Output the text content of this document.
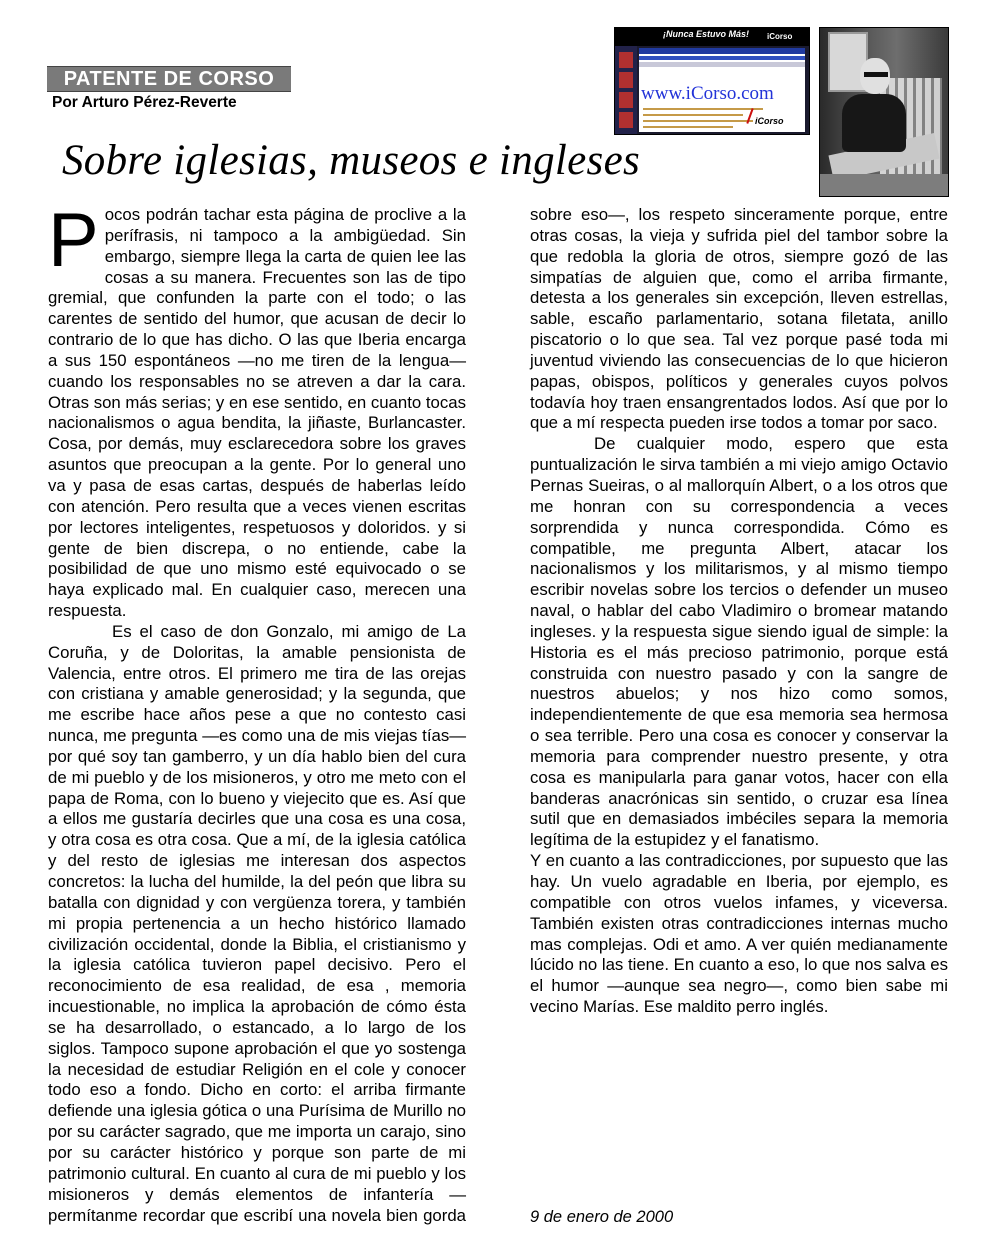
PATENTE DE CORSO
Por Arturo Pérez-Reverte
Sobre iglesias, museos e ingleses
¡Nunca Estuvo Más! iCorso
www.iCorso.com
iCorso

Pocos podrán tachar esta página de proclive a la perífrasis, ni tampoco a la ambigüedad. Sin embargo, siempre llega la carta de quien lee las cosas a su manera. Frecuentes son las de tipo gremial, que confunden la parte con el todo; o las carentes de sentido del humor, que acusan de decir lo contrario de lo que has dicho. O las que Iberia encarga a sus 150 espontáneos —no me tiren de la lengua— cuando los responsables no se atreven a dar la cara. Otras son más serias; y en ese sentido, en cuanto tocas nacionalismos o agua bendita, la jiñaste, Burlancaster. Cosa, por demás, muy esclarecedora sobre los graves asuntos que preocupan a la gente. Por lo general uno va y pasa de esas cartas, después de haberlas leído con atención. Pero resulta que a veces vienen escritas por lectores inteligentes, respetuosos y doloridos. y si gente de bien discrepa, o no entiende, cabe la posibilidad de que uno mismo esté equivocado o se haya explicado mal. En cualquier caso, merecen una respuesta.

Es el caso de don Gonzalo, mi amigo de La Coruña, y de Doloritas, la amable pensionista de Valencia, entre otros. El primero me tira de las orejas con cristiana y amable generosidad; y la segunda, que me escribe hace años pese a que no contesto casi nunca, me pregunta —es como una de mis viejas tías— por qué soy tan gamberro, y un día hablo bien del cura de mi pueblo y de los misioneros, y otro me meto con el papa de Roma, con lo bueno y viejecito que es. Así que a ellos me gustaría decirles que una cosa es una cosa, y otra cosa es otra cosa. Que a mí, de la iglesia católica y del resto de iglesias me interesan dos aspectos concretos: la lucha del humilde, la del peón que libra su batalla con dignidad y con vergüenza torera, y también mi propia pertenencia a un hecho histórico llamado civilización occidental, donde la Biblia, el cristianismo y la iglesia católica tuvieron papel decisivo. Pero el reconocimiento de esa realidad, de esa , memoria incuestionable, no implica la aprobación de cómo ésta se ha desarrollado, o estancado, a lo largo de los siglos. Tampoco supone aprobación el que yo sostenga la necesidad de estudiar Religión en el cole y conocer todo eso a fondo. Dicho en corto: el arriba firmante defiende una iglesia gótica o una Purísima de Murillo no por su carácter sagrado, que me importa un carajo, sino por su carácter histórico y porque son parte de mi patrimonio cultural. En cuanto al cura de mi pueblo y los misioneros y demás elementos de infantería —permítanme recordar que escribí una novela bien gorda

sobre eso—, los respeto sinceramente porque, entre otras cosas, la vieja y sufrida piel del tambor sobre la que redobla la gloria de otros, siempre gozó de las simpatías de alguien que, como el arriba firmante, detesta a los generales sin excepción, lleven estrellas, sable, escaño parlamentario, sotana filetata, anillo piscatorio o lo que sea. Tal vez porque pasé toda mi juventud viviendo las consecuencias de lo que hicieron papas, obispos, políticos y generales cuyos polvos todavía hoy traen ensangrentados lodos. Así que por lo que a mí respecta pueden irse todos a tomar por saco.

De cualquier modo, espero que esta puntualización le sirva también a mi viejo amigo Octavio Pernas Sueiras, o al mallorquín Albert, o a los otros que me honran con su correspondencia a veces sorprendida y nunca correspondida. Cómo es compatible, me pregunta Albert, atacar los nacionalismos y los militarismos, y al mismo tiempo escribir novelas sobre los tercios o defender un museo naval, o hablar del cabo Vladimiro o bromear matando ingleses. y la respuesta sigue siendo igual de simple: la Historia es el más precioso patrimonio, porque está construida con nuestro pasado y con la sangre de nuestros abuelos; y nos hizo como somos, independientemente de que esa memoria sea hermosa o sea terrible. Pero una cosa es conocer y conservar la memoria para comprender nuestro presente, y otra cosa es manipularla para ganar votos, hacer con ella banderas anacrónicas sin sentido, o cruzar esa línea sutil que en demasiados imbéciles separa la memoria legítima de la estupidez y el fanatismo.

Y en cuanto a las contradicciones, por supuesto que las hay. Un vuelo agradable en Iberia, por ejemplo, es compatible con otros vuelos infames, y viceversa. También existen otras contradicciones internas mucho mas complejas. Odi et amo. A ver quién medianamente lúcido no las tiene. En cuanto a eso, lo que nos salva es el humor —aunque sea negro—, como bien sabe mi vecino Marías. Ese maldito perro inglés.

9 de enero de 2000
